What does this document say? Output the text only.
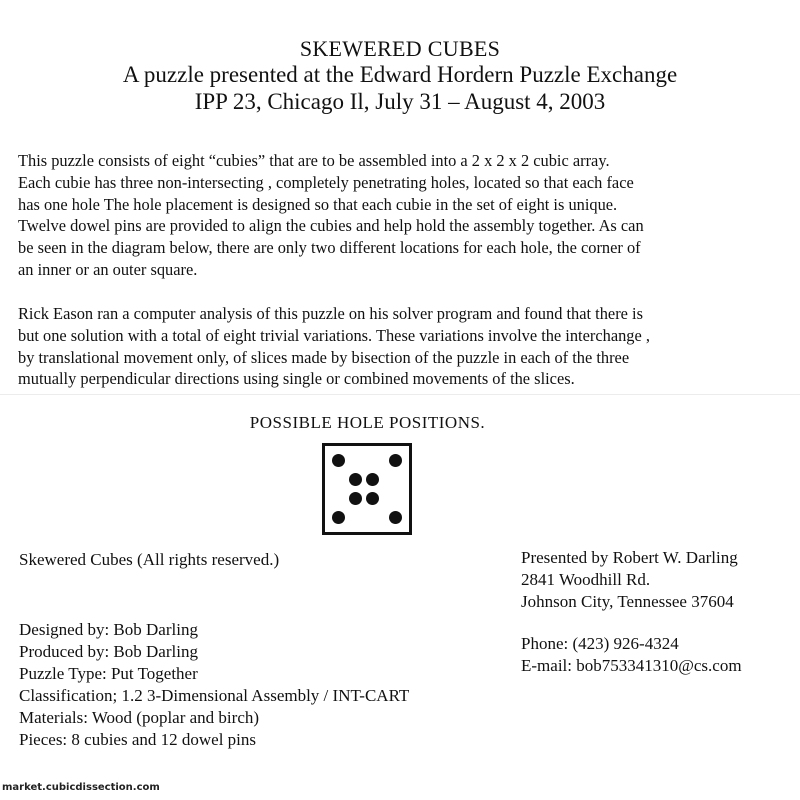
SKEWERED CUBES
A puzzle presented at the Edward Hordern Puzzle Exchange
IPP 23, Chicago Il, July 31 – August 4, 2003
This puzzle consists of eight “cubies” that are to be assembled into a 2 x 2 x 2 cubic array.
Each cubie has three non-intersecting , completely penetrating holes, located so that each face
has one hole The hole placement is designed so that each cubie in the set of eight is unique.
Twelve dowel pins are provided to align the cubies and help hold the assembly together. As can
be seen in the diagram below, there are only two different locations for each hole, the corner of
an inner or an outer square.
Rick Eason ran a computer analysis of this puzzle on his solver program and found that there is
but one solution with a total of eight trivial variations. These variations involve the interchange ,
by translational movement only, of slices made by bisection of the puzzle in each of the three
mutually perpendicular directions using single or combined movements of the slices.
POSSIBLE HOLE POSITIONS.
Skewered Cubes (All rights reserved.)	Presented by Robert W. Darling
2841 Woodhill Rd.
Johnson City, Tennessee 37604
Phone: (423) 926-4324
E-mail: bob753341310@cs.com
Designed by: Bob Darling
Produced by: Bob Darling
Puzzle Type: Put Together
Classification; 1.2 3-Dimensional Assembly / INT-CART
Materials: Wood (poplar and birch)
Pieces: 8 cubies and 12 dowel pins
market.cubicdissection.com
